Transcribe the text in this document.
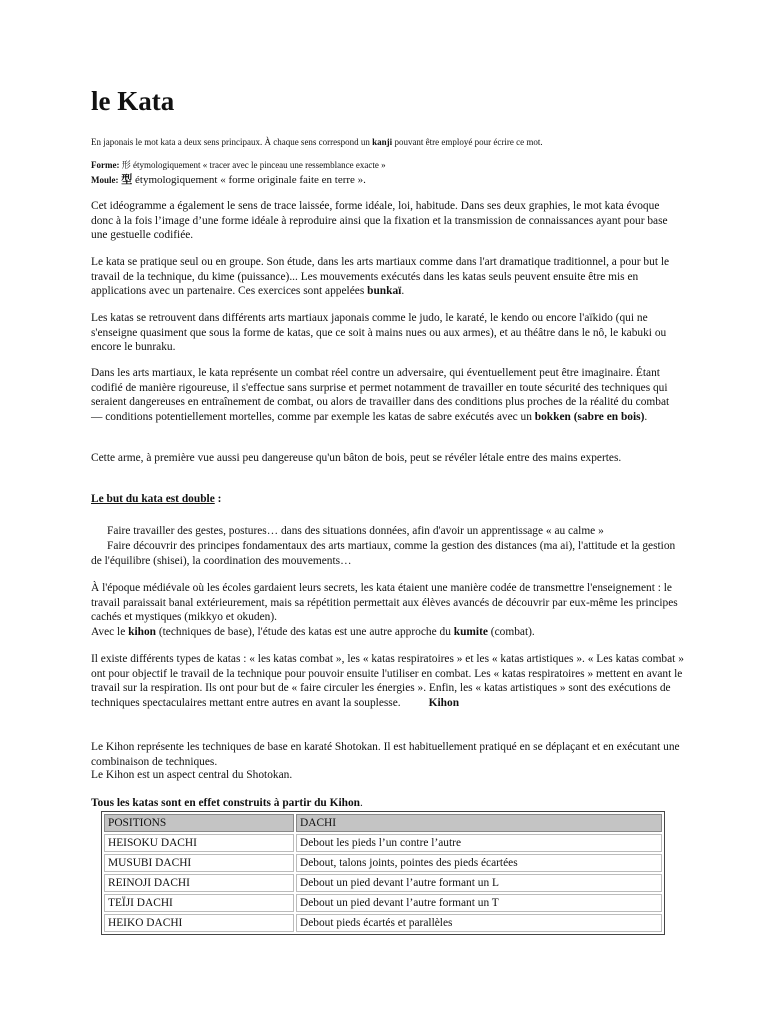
le Kata

En japonais le mot kata a deux sens principaux. À chaque sens correspond un kanji pouvant être employé pour écrire ce mot.

Forme: 形 étymologiquement « tracer avec le pinceau une ressemblance exacte »

Moule: 型 étymologiquement « forme originale faite en terre ».

Cet idéogramme a également le sens de trace laissée, forme idéale, loi, habitude. Dans ses deux graphies, le mot kata évoque donc à la fois l’image d’une forme idéale à reproduire ainsi que la fixation et la transmission de connaissances ayant pour base une gestuelle codifiée.

Le kata se pratique seul ou en groupe. Son étude, dans les arts martiaux comme dans l'art dramatique traditionnel, a pour but le travail de la technique, du kime (puissance)... Les mouvements exécutés dans les katas seuls peuvent ensuite être mis en applications avec un partenaire. Ces exercices sont appelées bunkaï.

Les katas se retrouvent dans différents arts martiaux japonais comme le judo, le karaté, le kendo ou encore l'aïkido (qui ne s'enseigne quasiment que sous la forme de katas, que ce soit à mains nues ou aux armes), et au théâtre dans le nô, le kabuki ou encore le bunraku.

Dans les arts martiaux, le kata représente un combat réel contre un adversaire, qui éventuellement peut être imaginaire. Étant codifié de manière rigoureuse, il s'effectue sans surprise et permet notamment de travailler en toute sécurité des techniques qui seraient dangereuses en entraînement de combat, ou alors de travailler dans des conditions plus proches de la réalité du combat — conditions potentiellement mortelles, comme par exemple les katas de sabre exécutés avec un bokken (sabre en bois).

Cette arme, à première vue aussi peu dangereuse qu'un bâton de bois, peut se révéler létale entre des mains expertes.

Le but du kata est double :

Faire travailler des gestes, postures… dans des situations données, afin d'avoir un apprentissage « au calme »

Faire découvrir des principes fondamentaux des arts martiaux, comme la gestion des distances (ma ai), l'attitude et la gestion de l'équilibre (shisei), la coordination des mouvements…

À l'époque médiévale où les écoles gardaient leurs secrets, les kata étaient une manière codée de transmettre l'enseignement : le travail paraissait banal extérieurement, mais sa répétition permettait aux élèves avancés de découvrir par eux-même les principes cachés et mystiques (mikkyo et okuden).

Avec le kihon (techniques de base), l'étude des katas est une autre approche du kumite (combat).

Il existe différents types de katas : « les katas combat », les « katas respiratoires » et les « katas artistiques ». « Les katas combat » ont pour objectif le travail de la technique pour pouvoir ensuite l'utiliser en combat. Les « katas respiratoires » mettent en avant le travail sur la respiration. Ils ont pour but de « faire circuler les énergies ». Enfin, les « katas artistiques » sont des exécutions de techniques spectaculaires mettant entre autres en avant la souplesse. Kihon

Le Kihon représente les techniques de base en karaté Shotokan. Il est habituellement pratiqué en se déplaçant et en exécutant une combinaison de techniques.

Le Kihon est un aspect central du Shotokan.

Tous les katas sont en effet construits à partir du Kihon.

POSITIONS	DACHI
HEISOKU DACHI	Debout les pieds l’un contre l’autre
MUSUBI DACHI	Debout, talons joints, pointes des pieds écartées
REINOJI DACHI	Debout un pied devant l’autre formant un L
TEÏJI DACHI	Debout un pied devant l’autre formant un T
HEIKO DACHI	Debout pieds écartés et parallèles
